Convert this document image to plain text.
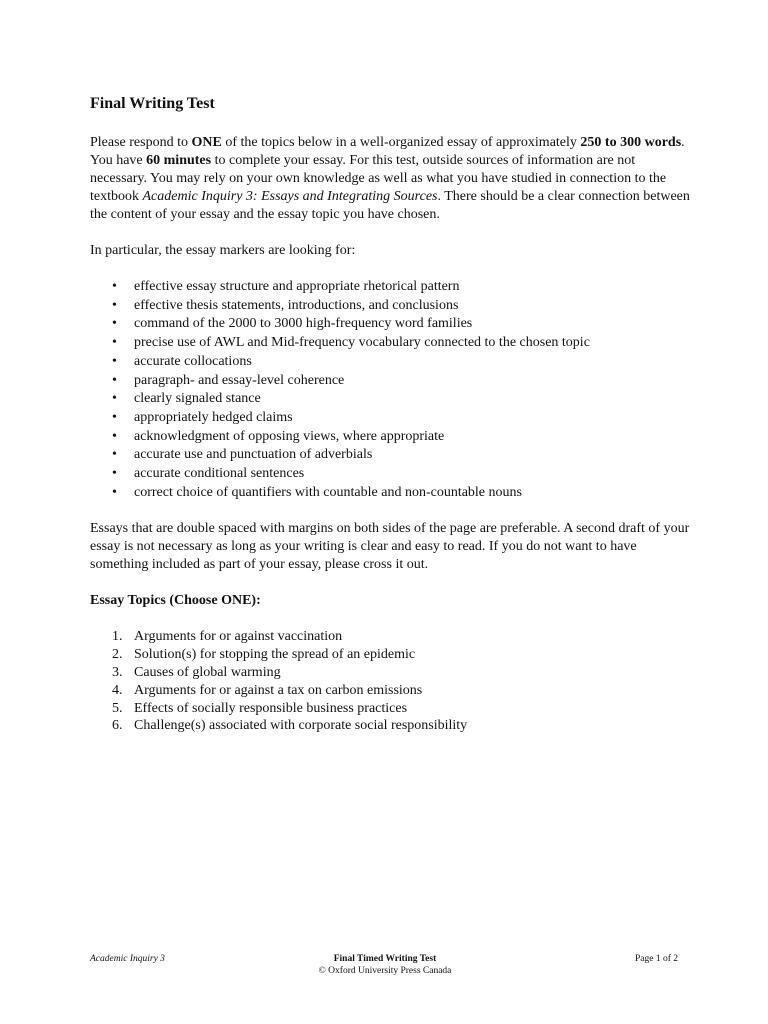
Final Writing Test

Please respond to ONE of the topics below in a well-organized essay of approximately 250 to 300 words. You have 60 minutes to complete your essay. For this test, outside sources of information are not necessary. You may rely on your own knowledge as well as what you have studied in connection to the textbook Academic Inquiry 3: Essays and Integrating Sources. There should be a clear connection between the content of your essay and the essay topic you have chosen.

In particular, the essay markers are looking for:

• effective essay structure and appropriate rhetorical pattern
• effective thesis statements, introductions, and conclusions
• command of the 2000 to 3000 high-frequency word families
• precise use of AWL and Mid-frequency vocabulary connected to the chosen topic
• accurate collocations
• paragraph- and essay-level coherence
• clearly signaled stance
• appropriately hedged claims
• acknowledgment of opposing views, where appropriate
• accurate use and punctuation of adverbials
• accurate conditional sentences
• correct choice of quantifiers with countable and non-countable nouns

Essays that are double spaced with margins on both sides of the page are preferable. A second draft of your essay is not necessary as long as your writing is clear and easy to read. If you do not want to have something included as part of your essay, please cross it out.

Essay Topics (Choose ONE):
1. Arguments for or against vaccination
2. Solution(s) for stopping the spread of an epidemic
3. Causes of global warming
4. Arguments for or against a tax on carbon emissions
5. Effects of socially responsible business practices
6. Challenge(s) associated with corporate social responsibility
Academic Inquiry 3	Final Timed Writing Test
© Oxford University Press Canada
Page 1 of 2
